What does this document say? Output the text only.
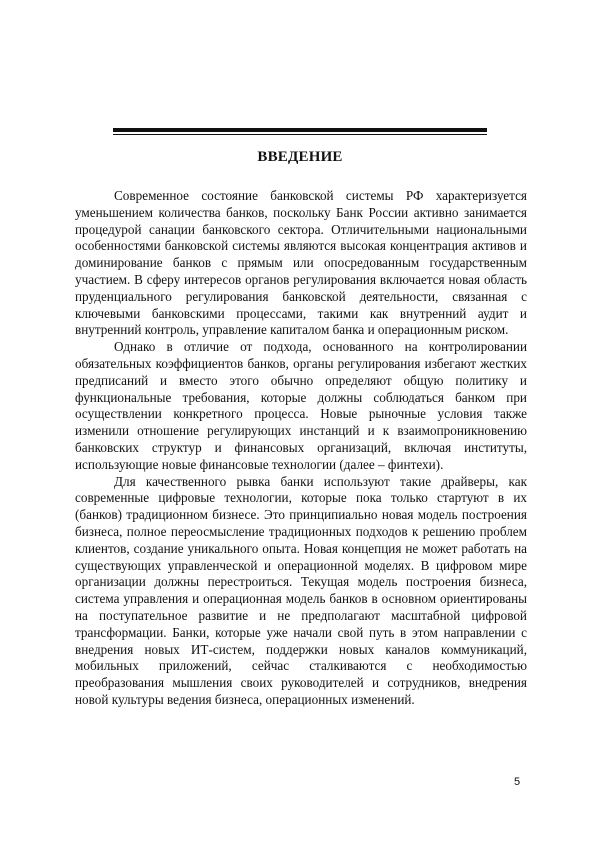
ВВЕДЕНИЕ

Современное состояние банковской системы РФ характеризуется уменьшением количества банков, поскольку Банк России активно занимается процедурой санации банковского сектора. Отличительными национальными особенностями банковской системы являются высокая концентрация активов и доминирование банков с прямым или опосредованным государственным участием. В сферу интересов органов регулирования включается новая область пруденциального регулирования банковской деятельности, связанная с ключевыми банковскими процессами, такими как внутренний аудит и внутренний контроль, управление капиталом банка и операционным риском.

Однако в отличие от подхода, основанного на контролировании обязательных коэффициентов банков, органы регулирования избегают жестких предписаний и вместо этого обычно определяют общую политику и функциональные требования, которые должны соблюдаться банком при осуществлении конкретного процесса. Новые рыночные условия также изменили отношение регулирующих инстанций и к взаимопроникновению банковских структур и финансовых организаций, включая институты, использующие новые финансовые технологии (далее – финтехи).

Для качественного рывка банки используют такие драйверы, как современные цифровые технологии, которые пока только стартуют в их (банков) традиционном бизнесе. Это принципиально новая модель построения бизнеса, полное переосмысление традиционных подходов к решению проблем клиентов, создание уникального опыта. Новая концепция не может работать на существующих управленческой и операционной моделях. В цифровом мире организации должны перестроиться. Текущая модель построения бизнеса, система управления и операционная модель банков в основном ориентированы на поступательное развитие и не предполагают масштабной цифровой трансформации. Банки, которые уже начали свой путь в этом направлении с внедрения новых ИТ-систем, поддержки новых каналов коммуникаций, мобильных приложений, сейчас сталкиваются с необходимостью преобразования мышления своих руководителей и сотрудников, внедрения новой культуры ведения бизнеса, операционных изменений.

5
